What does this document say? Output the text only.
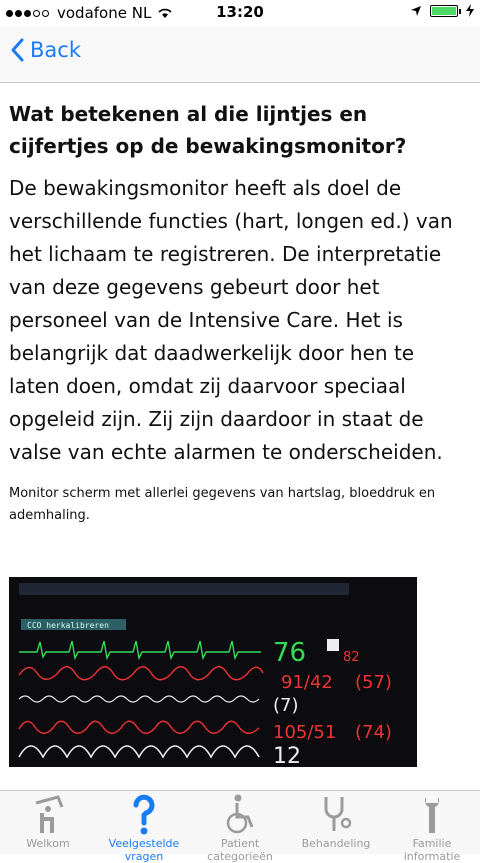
vodafone NL	13:20
Back
Wat betekenen al die lijntjes en cijfertjes op de bewakingsmonitor?

De bewakingsmonitor heeft als doel de verschillende functies (hart, longen ed.) van het lichaam te registreren. De interpretatie van deze gegevens gebeurt door het personeel van de Intensive Care. Het is belangrijk dat daadwerkelijk door hen te laten doen, omdat zij daarvoor speciaal opgeleid zijn. Zij zijn daardoor in staat de valse van echte alarmen te onderscheiden.

Monitor scherm met allerlei gegevens van hartslag, bloeddruk en ademhaling.
CCO herkalibreren
76	82
91/42 (57)
(7)
105/51 (74)
12
Welkom	Veelgestelde vragen
Patient categorieën
Behandeling	Familie informatie
